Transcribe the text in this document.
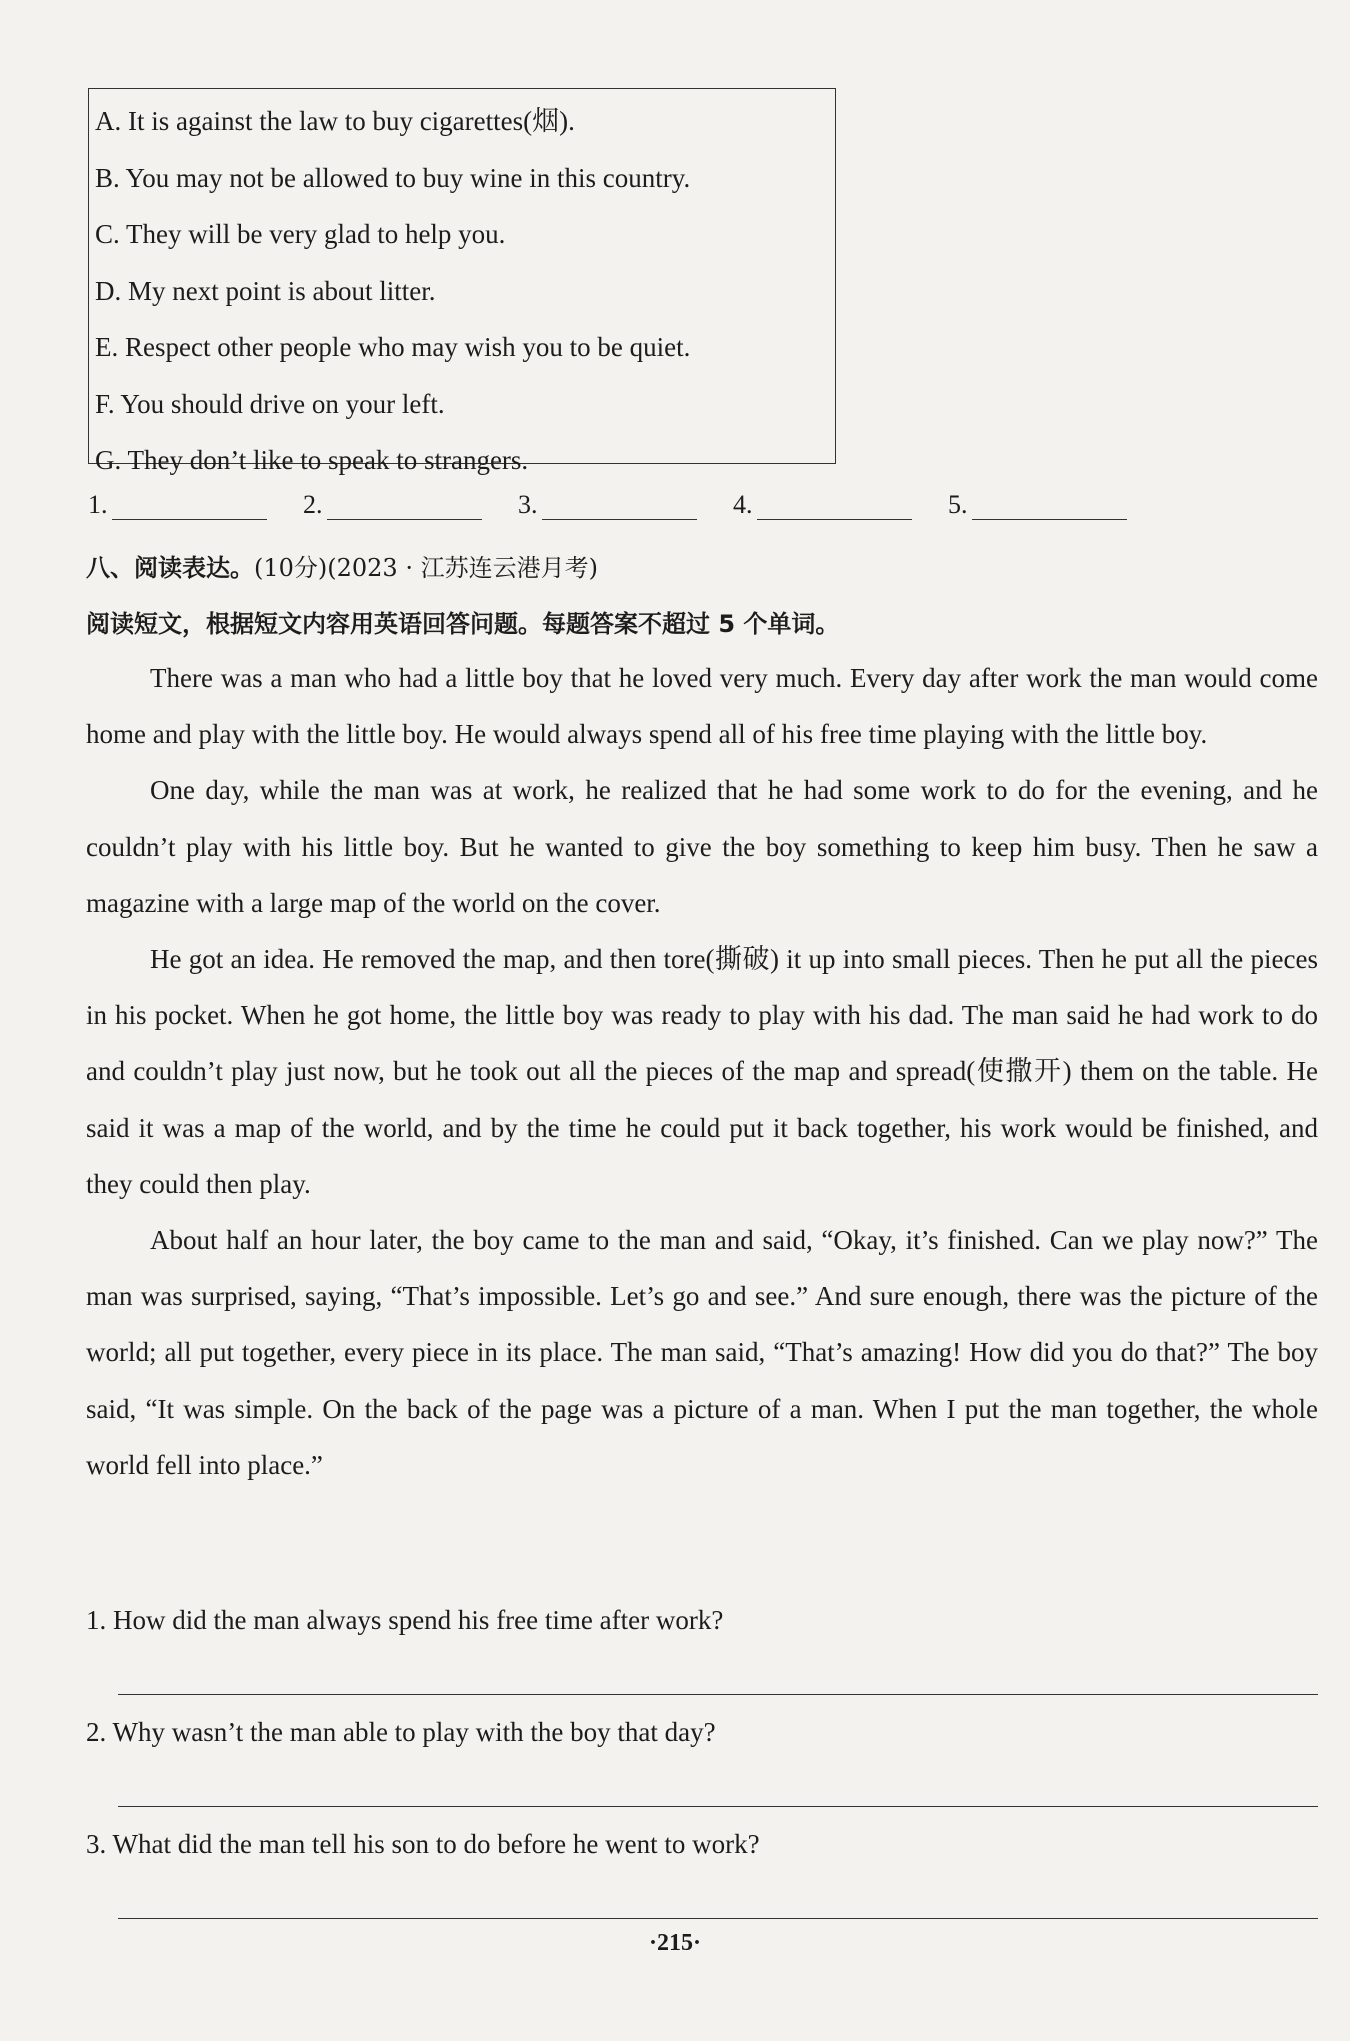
A. It is against the law to buy cigarettes(烟).
B. You may not be allowed to buy wine in this country.
C. They will be very glad to help you.
D. My next point is about litter.
E. Respect other people who may wish you to be quiet.
F. You should drive on your left.
G. They don’t like to speak to strangers.
1.	2.	3.	4.	5.
八、阅读表达。(10分)(2023 · 江苏连云港月考)
阅读短文，根据短文内容用英语回答问题。每题答案不超过 5 个单词。

There was a man who had a little boy that he loved very much. Every day after work the man would come home and play with the little boy. He would always spend all of his free time playing with the little boy.

One day, while the man was at work, he realized that he had some work to do for the evening, and he couldn’t play with his little boy. But he wanted to give the boy something to keep him busy. Then he saw a magazine with a large map of the world on the cover.

He got an idea. He removed the map, and then tore(撕破) it up into small pieces. Then he put all the pieces in his pocket. When he got home, the little boy was ready to play with his dad. The man said he had work to do and couldn’t play just now, but he took out all the pieces of the map and spread(使撒开) them on the table. He said it was a map of the world, and by the time he could put it back together, his work would be finished, and they could then play.

About half an hour later, the boy came to the man and said, “Okay, it’s finished. Can we play now?” The man was surprised, saying, “That’s impossible. Let’s go and see.” And sure enough, there was the picture of the world; all put together, every piece in its place. The man said, “That’s amazing! How did you do that?” The boy said, “It was simple. On the back of the page was a picture of a man. When I put the man together, the whole world fell into place.”

1. How did the man always spend his free time after work?
2. Why wasn’t the man able to play with the boy that day?
3. What did the man tell his son to do before he went to work?
·215·
